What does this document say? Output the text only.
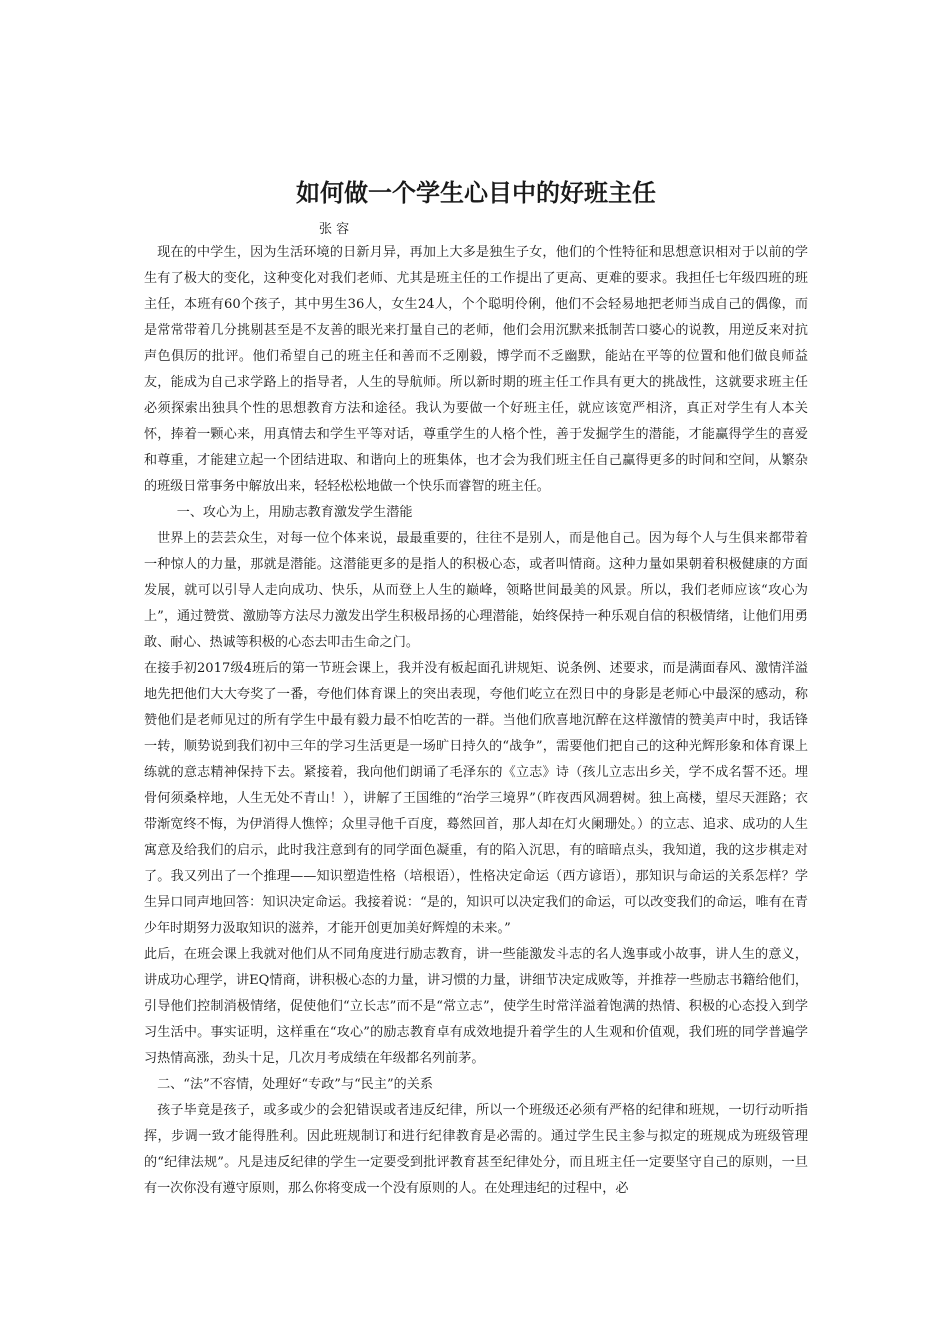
如何做一个学生心目中的好班主任
张 容

现在的中学生，因为生活环境的日新月异，再加上大多是独生子女，他们的个性特征和思想意识相对于以前的学生有了极大的变化，这种变化对我们老师、尤其是班主任的工作提出了更高、更难的要求。我担任七年级四班的班主任，本班有60个孩子，其中男生36人，女生24人，个个聪明伶俐，他们不会轻易地把老师当成自己的偶像，而是常常带着几分挑剔甚至是不友善的眼光来打量自己的老师，他们会用沉默来抵制苦口婆心的说教，用逆反来对抗声色俱厉的批评。他们希望自己的班主任和善而不乏刚毅，博学而不乏幽默，能站在平等的位置和他们做良师益友，能成为自己求学路上的指导者，人生的导航师。所以新时期的班主任工作具有更大的挑战性，这就要求班主任必须探索出独具个性的思想教育方法和途径。我认为要做一个好班主任，就应该宽严相济，真正对学生有人本关怀，捧着一颗心来，用真情去和学生平等对话，尊重学生的人格个性，善于发掘学生的潜能，才能赢得学生的喜爱和尊重，才能建立起一个团结进取、和谐向上的班集体，也才会为我们班主任自己赢得更多的时间和空间，从繁杂的班级日常事务中解放出来，轻轻松松地做一个快乐而睿智的班主任。

一、攻心为上，用励志教育激发学生潜能

世界上的芸芸众生，对每一位个体来说，最最重要的，往往不是别人，而是他自己。因为每个人与生俱来都带着一种惊人的力量，那就是潜能。这潜能更多的是指人的积极心态，或者叫情商。这种力量如果朝着积极健康的方面发展，就可以引导人走向成功、快乐，从而登上人生的巅峰，领略世间最美的风景。所以，我们老师应该“攻心为上”，通过赞赏、激励等方法尽力激发出学生积极昂扬的心理潜能，始终保持一种乐观自信的积极情绪，让他们用勇敢、耐心、热诚等积极的心态去叩击生命之门。

在接手初2017级4班后的第一节班会课上，我并没有板起面孔讲规矩、说条例、述要求，而是满面春风、激情洋溢地先把他们大大夸奖了一番，夸他们体育课上的突出表现，夸他们屹立在烈日中的身影是老师心中最深的感动，称赞他们是老师见过的所有学生中最有毅力最不怕吃苦的一群。当他们欣喜地沉醉在这样激情的赞美声中时，我话锋一转，顺势说到我们初中三年的学习生活更是一场旷日持久的“战争”，需要他们把自己的这种光辉形象和体育课上练就的意志精神保持下去。紧接着，我向他们朗诵了毛泽东的《立志》诗（孩儿立志出乡关，学不成名誓不还。埋骨何须桑梓地，人生无处不青山！），讲解了王国维的“治学三境界”（昨夜西风凋碧树。独上高楼，望尽天涯路；衣带渐宽终不悔，为伊消得人憔悴；众里寻他千百度，蓦然回首，那人却在灯火阑珊处。）的立志、追求、成功的人生寓意及给我们的启示，此时我注意到有的同学面色凝重，有的陷入沉思，有的暗暗点头，我知道，我的这步棋走对了。我又列出了一个推理——知识塑造性格（培根语），性格决定命运（西方谚语），那知识与命运的关系怎样？学生异口同声地回答：知识决定命运。我接着说：“是的，知识可以决定我们的命运，可以改变我们的命运，唯有在青少年时期努力汲取知识的滋养，才能开创更加美好辉煌的未来。”

此后，在班会课上我就对他们从不同角度进行励志教育，讲一些能激发斗志的名人逸事或小故事，讲人生的意义，讲成功心理学，讲EQ情商，讲积极心态的力量，讲习惯的力量，讲细节决定成败等，并推荐一些励志书籍给他们，引导他们控制消极情绪，促使他们“立长志”而不是“常立志”，使学生时常洋溢着饱满的热情、积极的心态投入到学习生活中。事实证明，这样重在“攻心”的励志教育卓有成效地提升着学生的人生观和价值观，我们班的同学普遍学习热情高涨，劲头十足，几次月考成绩在年级都名列前茅。

二、“法”不容情，处理好“专政”与“民主”的关系

孩子毕竟是孩子，或多或少的会犯错误或者违反纪律，所以一个班级还必须有严格的纪律和班规，一切行动听指挥，步调一致才能得胜利。因此班规制订和进行纪律教育是必需的。通过学生民主参与拟定的班规成为班级管理的“纪律法规”。凡是违反纪律的学生一定要受到批评教育甚至纪律处分，而且班主任一定要坚守自己的原则，一旦有一次你没有遵守原则，那么你将变成一个没有原则的人。在处理违纪的过程中，必
